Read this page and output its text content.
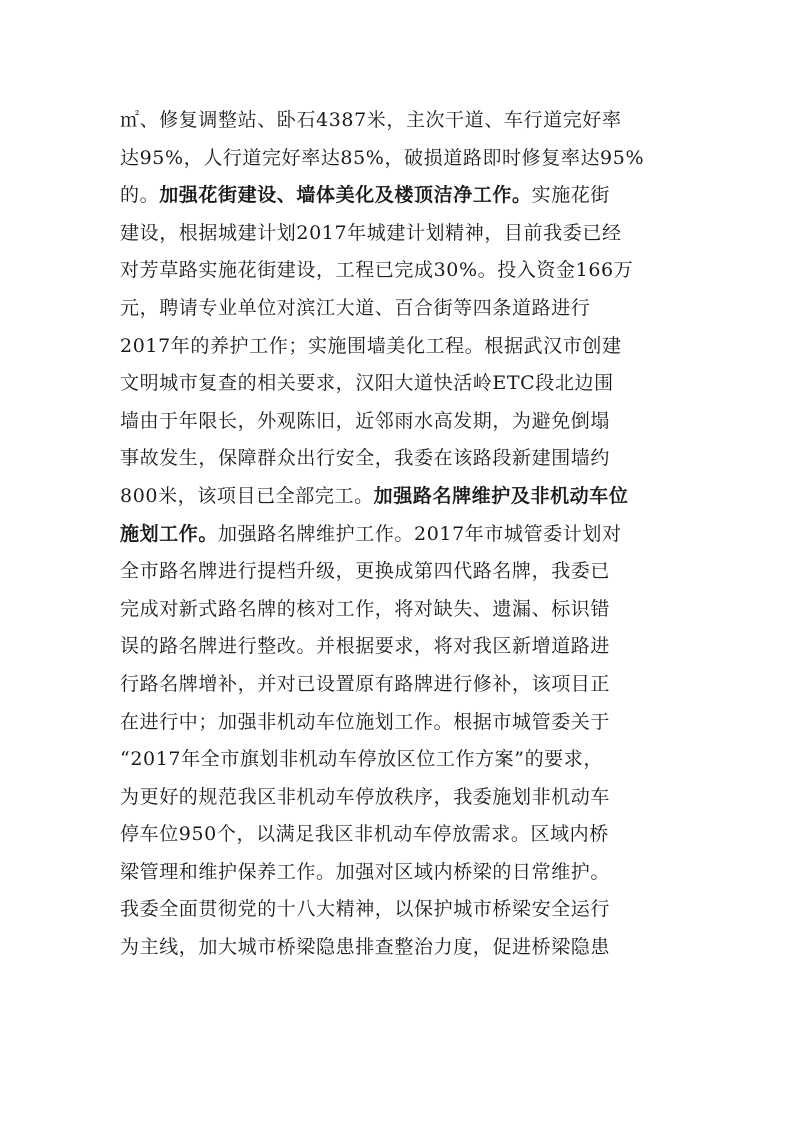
㎡、修复调整站、卧石4387米，主次干道、车行道完好率
达95%，人行道完好率达85%，破损道路即时修复率达95%
的。加强花街建设、墙体美化及楼顶洁净工作。实施花街
建设，根据城建计划2017年城建计划精神，目前我委已经
对芳草路实施花街建设，工程已完成30%。投入资金166万
元，聘请专业单位对滨江大道、百合街等四条道路进行
2017年的养护工作；实施围墙美化工程。根据武汉市创建
文明城市复查的相关要求，汉阳大道快活岭ETC段北边围
墙由于年限长，外观陈旧，近邻雨水高发期，为避免倒塌
事故发生，保障群众出行安全，我委在该路段新建围墙约
800米，该项目已全部完工。加强路名牌维护及非机动车位
施划工作。加强路名牌维护工作。2017年市城管委计划对
全市路名牌进行提档升级，更换成第四代路名牌，我委已
完成对新式路名牌的核对工作，将对缺失、遗漏、标识错
误的路名牌进行整改。并根据要求，将对我区新增道路进
行路名牌增补，并对已设置原有路牌进行修补，该项目正
在进行中；加强非机动车位施划工作。根据市城管委关于
“2017年全市旗划非机动车停放区位工作方案”的要求，
为更好的规范我区非机动车停放秩序，我委施划非机动车
停车位950个，以满足我区非机动车停放需求。区域内桥
梁管理和维护保养工作。加强对区域内桥梁的日常维护。
我委全面贯彻党的十八大精神，以保护城市桥梁安全运行
为主线，加大城市桥梁隐患排查整治力度，促进桥梁隐患
